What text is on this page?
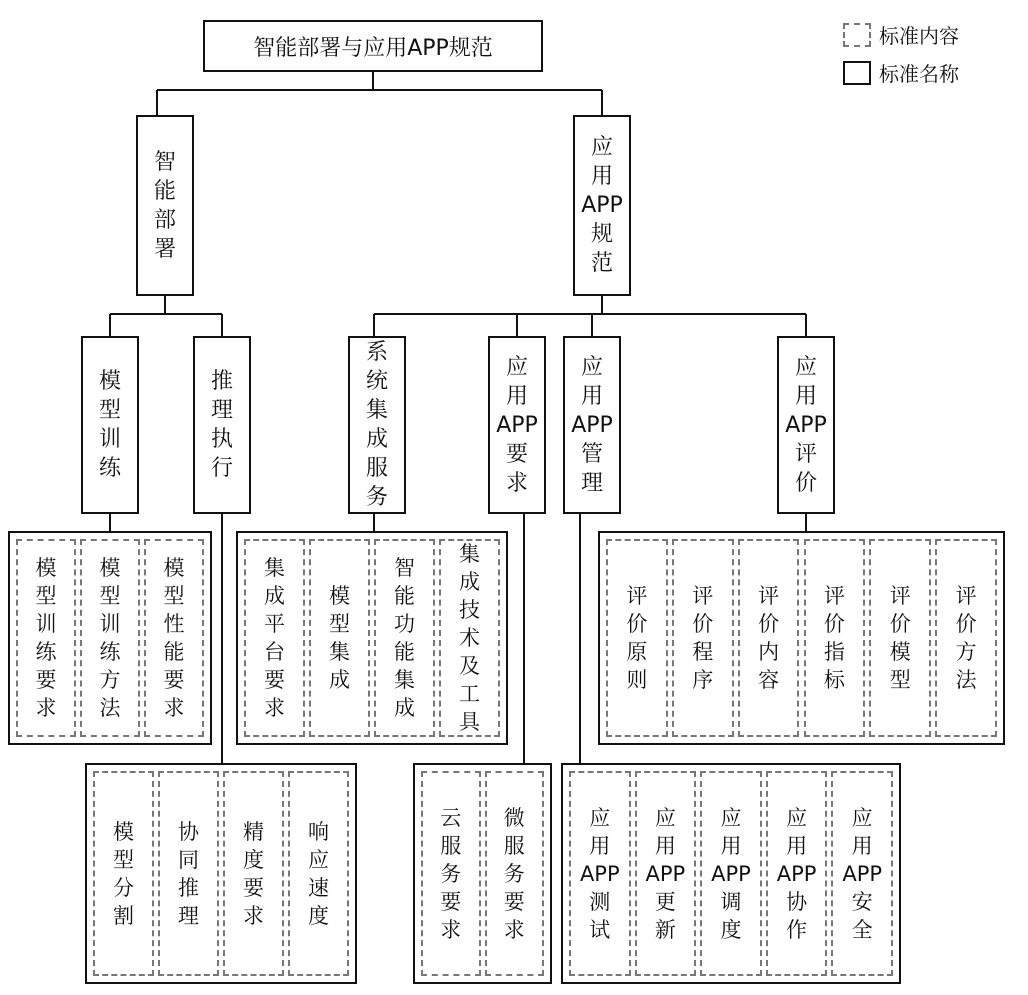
标准内容
标准名称
智能部署与应用APP规范
智
能
部
署
应
用
APP
规
范
模
型
训
练
推
理
执
行
系
统
集
成
服
务
应
用
APP
要
求
应
用
APP
管
理
应
用
APP
评
价
模
型
训
练
要
求
模
型
训
练
方
法
模
型
性
能
要
求
模
型
分
割
协
同
推
理
精
度
要
求
响
应
速
度
集
成
平
台
要
求
模
型
集
成
智
能
功
能
集
成
集
成
技
术
及
工
具
云
服
务
要
求
微
服
务
要
求
应
用
APP
测
试
应
用
APP
更
新
应
用
APP
调
度
应
用
APP
协
作
应
用
APP
安
全
评
价
原
则
评
价
程
序
评
价
内
容
评
价
指
标
评
价
模
型
评
价
方
法
